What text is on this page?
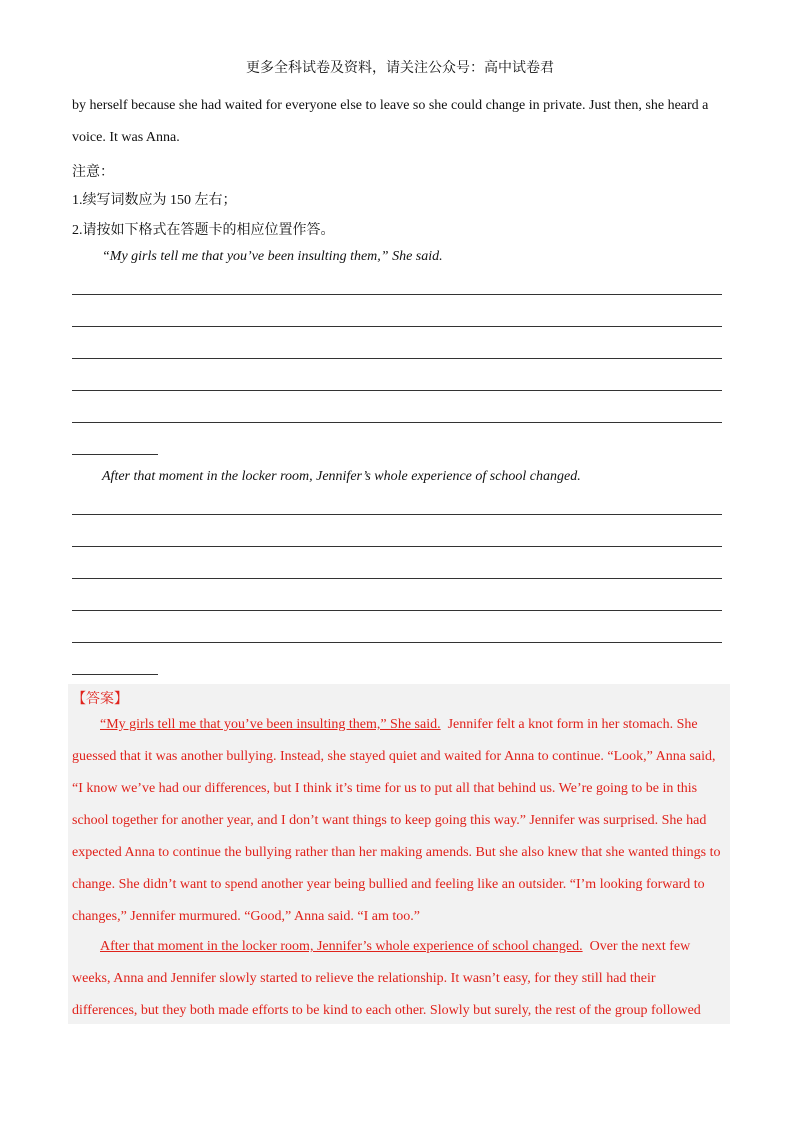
更多全科试卷及资料，请关注公众号：高中试卷君
by herself because she had waited for everyone else to leave so she could change in private. Just then, she heard a
voice. It was Anna.
注意：
1.续写词数应为 150 左右；
2.请按如下格式在答题卡的相应位置作答。
“My girls tell me that you’ve been insulting them,” She said.
After that moment in the locker room, Jennifer’s whole experience of school changed.
【答案】
“My girls tell me that you’ve been insulting them,” She said.  Jennifer felt a knot form in her stomach. She
guessed that it was another bullying. Instead, she stayed quiet and waited for Anna to continue. “Look,” Anna said,
“I know we’ve had our differences, but I think it’s time for us to put all that behind us. We’re going to be in this
school together for another year, and I don’t want things to keep going this way.” Jennifer was surprised. She had
expected Anna to continue the bullying rather than her making amends. But she also knew that she wanted things to
change. She didn’t want to spend another year being bullied and feeling like an outsider. “I’m looking forward to
changes,” Jennifer murmured. “Good,” Anna said. “I am too.”
After that moment in the locker room, Jennifer’s whole experience of school changed.  Over the next few
weeks, Anna and Jennifer slowly started to relieve the relationship. It wasn’t easy, for they still had their
differences, but they both made efforts to be kind to each other. Slowly but surely, the rest of the group followed
